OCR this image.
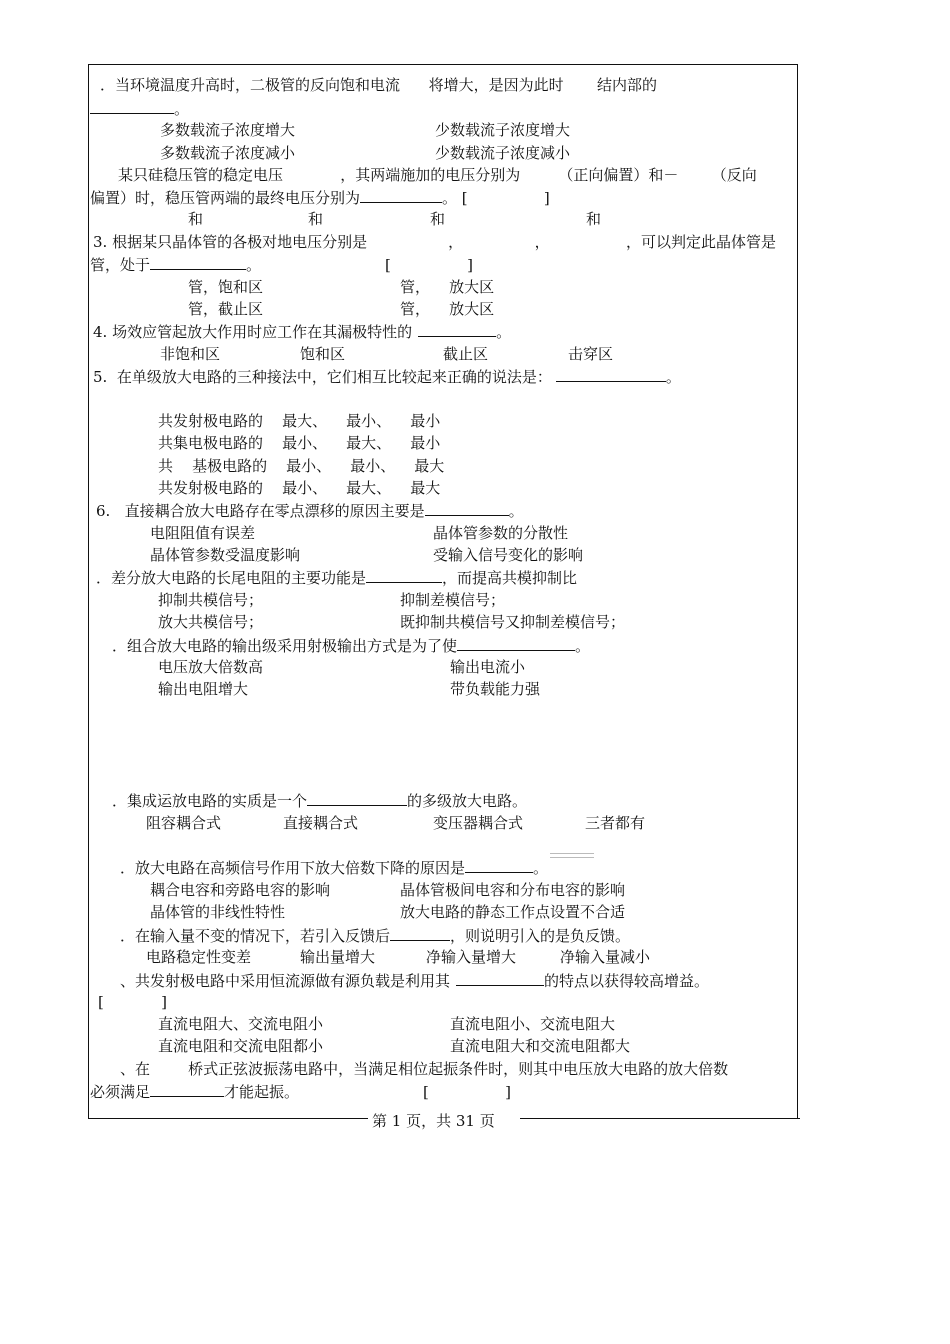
．当环境温度升高时，二极管的反向饱和电流      将增大，是因为此时       结内部的
。
多数载流子浓度增大	少数载流子浓度增大
多数载流子浓度减小	少数载流子浓度减小
某只硅稳压管的稳定电压            ，其两端施加的电压分别为        （正向偏置）和－       （反向
偏置）时，稳压管两端的最终电压分别为	。 [                ]
和	和	和	和
3. 根据某只晶体管的各极对地电压分别是                 ，               ，                ，可以判定此晶体管是
管，处于	。                          [                ]
管，饱和区	管，    放大区
管，截止区	管，    放大区
4. 场效应管起放大作用时应工作在其漏极特性的	。
非饱和区	饱和区	截止区	击穿区
5.  在单级放大电路的三种接法中，它们相互比较起来正确的说法是：	。
共发射极电路的    最大、    最小、    最小
共集电极电路的    最小、    最大、    最小
共    基极电路的    最小、    最小、    最大
共发射极电路的    最小、    最大、    最大
6.   直接耦合放大电路存在零点漂移的原因主要是	。
电阻阻值有误差	晶体管参数的分散性
晶体管参数受温度影响	受输入信号变化的影响
．差分放大电路的长尾电阻的主要功能是	，而提高共模抑制比
抑制共模信号；	抑制差模信号；
放大共模信号；	既抑制共模信号又抑制差模信号；
．组合放大电路的输出级采用射极输出方式是为了使	。
电压放大倍数高	输出电流小
输出电阻增大	带负载能力强
．集成运放电路的实质是一个	的多级放大电路。
阻容耦合式	直接耦合式	变压器耦合式	三者都有
．放大电路在高频信号作用下放大倍数下降的原因是	。
耦合电容和旁路电容的影响	晶体管极间电容和分布电容的影响
晶体管的非线性特性	放大电路的静态工作点设置不合适
．在输入量不变的情况下，若引入反馈后	，则说明引入的是负反馈。
电路稳定性变差	输出量增大	净输入量增大	净输入量减小
、共发射极电路中采用恒流源做有源负载是利用其	的特点以获得较高增益。
[            ]
直流电阻大、交流电阻小	直流电阻小、交流电阻大
直流电阻和交流电阻都小	直流电阻大和交流电阻都大
、在        桥式正弦波振荡电路中，当满足相位起振条件时，则其中电压放大电路的放大倍数
必须满足	才能起振。                          [                ]
第 1 页，共 31 页
